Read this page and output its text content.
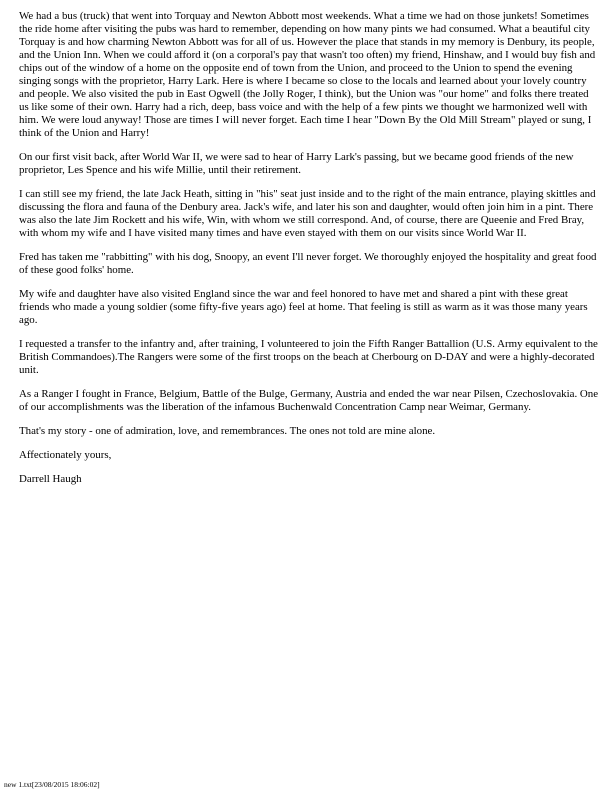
We had a bus (truck) that went into Torquay and Newton Abbott most weekends. What a time we had on those junkets! Sometimes the ride home after visiting the pubs was hard to remember, depending on how many pints we had consumed. What a beautiful city Torquay is and how charming Newton Abbott was for all of us. However the place that stands in my memory is Denbury, its people, and the Union Inn. When we could afford it (on a corporal's pay that wasn't too often) my friend, Hinshaw, and I would buy fish and chips out of the window of a home on the opposite end of town from the Union, and proceed to the Union to spend the evening singing songs with the proprietor, Harry Lark. Here is where I became so close to the locals and learned about your lovely country and people. We also visited the pub in East Ogwell (the Jolly Roger, I think), but the Union was "our home" and folks there treated us like some of their own. Harry had a rich, deep, bass voice and with the help of a few pints we thought we harmonized well with him. We were loud anyway! Those are times I will never forget. Each time I hear "Down By the Old Mill Stream" played or sung, I think of the Union and Harry!

On our first visit back, after World War II, we were sad to hear of Harry Lark's passing, but we became good friends of the new proprietor, Les Spence and his wife Millie, until their retirement.

I can still see my friend, the late Jack Heath, sitting in "his" seat just inside and to the right of the main entrance, playing skittles and discussing the flora and fauna of the Denbury area. Jack's wife, and later his son and daughter, would often join him in a pint. There was also the late Jim Rockett and his wife, Win, with whom we still correspond. And, of course, there are Queenie and Fred Bray, with whom my wife and I have visited many times and have even stayed with them on our visits since World War II.

Fred has taken me "rabbitting" with his dog, Snoopy, an event I'll never forget. We thoroughly enjoyed the hospitality and great food of these good folks' home.

My wife and daughter have also visited England since the war and feel honored to have met and shared a pint with these great friends who made a young soldier (some fifty-five years ago) feel at home. That feeling is still as warm as it was those many years ago.

I requested a transfer to the infantry and, after training, I volunteered to join the Fifth Ranger Battallion (U.S. Army equivalent to the British Commandoes).The Rangers were some of the first troops on the beach at Cherbourg on D-DAY and were a highly-decorated unit.

As a Ranger I fought in France, Belgium, Battle of the Bulge, Germany, Austria and ended the war near Pilsen, Czechoslovakia. One of our accomplishments was the liberation of the infamous Buchenwald Concentration Camp near Weimar, Germany.

That's my story - one of admiration, love, and remembrances. The ones not told are mine alone.

Affectionately yours,

Darrell Haugh

new 1.txt[23/08/2015 18:06:02]
